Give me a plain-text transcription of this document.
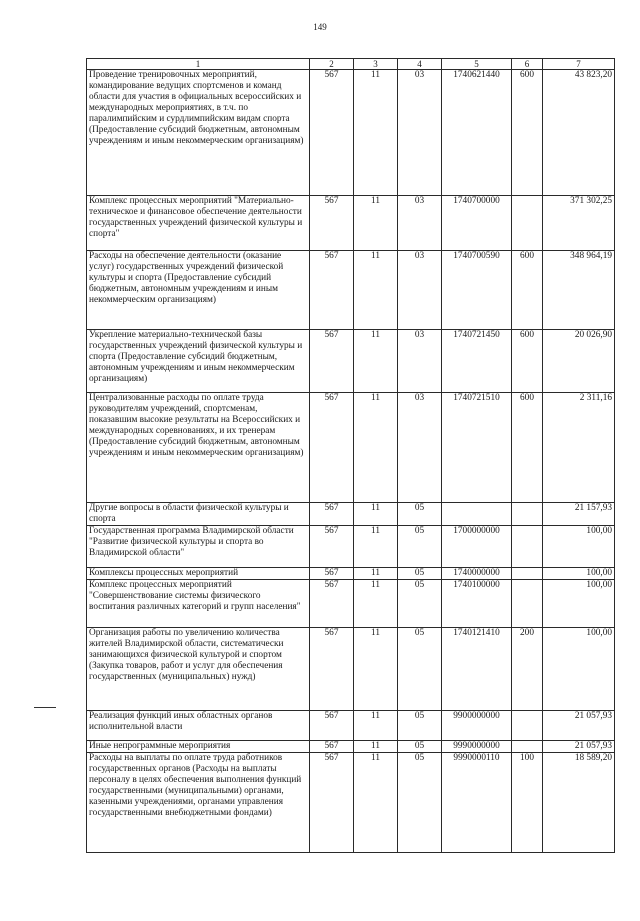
149
1	2	3	4	5	6	7
Проведение тренировочных мероприятий, командирование ведущих спортсменов и команд области для участия в официальных всероссийских и международных мероприятиях, в т.ч. по паралимпийским и сурдлимпийским видам спорта (Предоставление субсидий бюджетным, автономным учреждениям и иным некоммерческим организациям)	567	11	03	1740621440	600	43 823,20
Комплекс процессных мероприятий "Материально-техническое и финансовое обеспечение деятельности государственных учреждений физической культуры и спорта"	567	11	03	1740700000		371 302,25
Расходы на обеспечение деятельности (оказание услуг) государственных учреждений физической культуры и спорта (Предоставление субсидий бюджетным, автономным учреждениям и иным некоммерческим организациям)	567	11	03	1740700590	600	348 964,19
Укрепление материально-технической базы государственных учреждений физической культуры и спорта (Предоставление субсидий бюджетным, автономным учреждениям и иным некоммерческим организациям)	567	11	03	1740721450	600	20 026,90
Централизованные расходы по оплате труда руководителям учреждений, спортсменам, показавшим высокие результаты на Всероссийских и международных соревнованиях, и их тренерам (Предоставление субсидий бюджетным, автономным учреждениям и иным некоммерческим организациям)	567	11	03	1740721510	600	2 311,16
Другие вопросы в области физической культуры и спорта	567	11	05			21 157,93
Государственная программа Владимирской области "Развитие физической культуры и спорта во Владимирской области"	567	11	05	1700000000		100,00
Комплексы процессных мероприятий	567	11	05	1740000000		100,00
Комплекс процессных мероприятий "Совершенствование системы физического воспитания различных категорий и групп населения"	567	11	05	1740100000		100,00
Организация работы по увеличению количества жителей Владимирской области, систематически занимающихся физической культурой и спортом (Закупка товаров, работ и услуг для обеспечения государственных (муниципальных) нужд)	567	11	05	1740121410	200	100,00
Реализация функций иных областных органов исполнительной власти	567	11	05	9900000000		21 057,93
Иные непрограммные мероприятия	567	11	05	9990000000		21 057,93
Расходы на выплаты по оплате труда работников государственных органов (Расходы на выплаты персоналу в целях обеспечения выполнения функций государственными (муниципальными) органами, казенными учреждениями, органами управления государственными внебюджетными фондами)	567	11	05	9990000110	100	18 589,20
